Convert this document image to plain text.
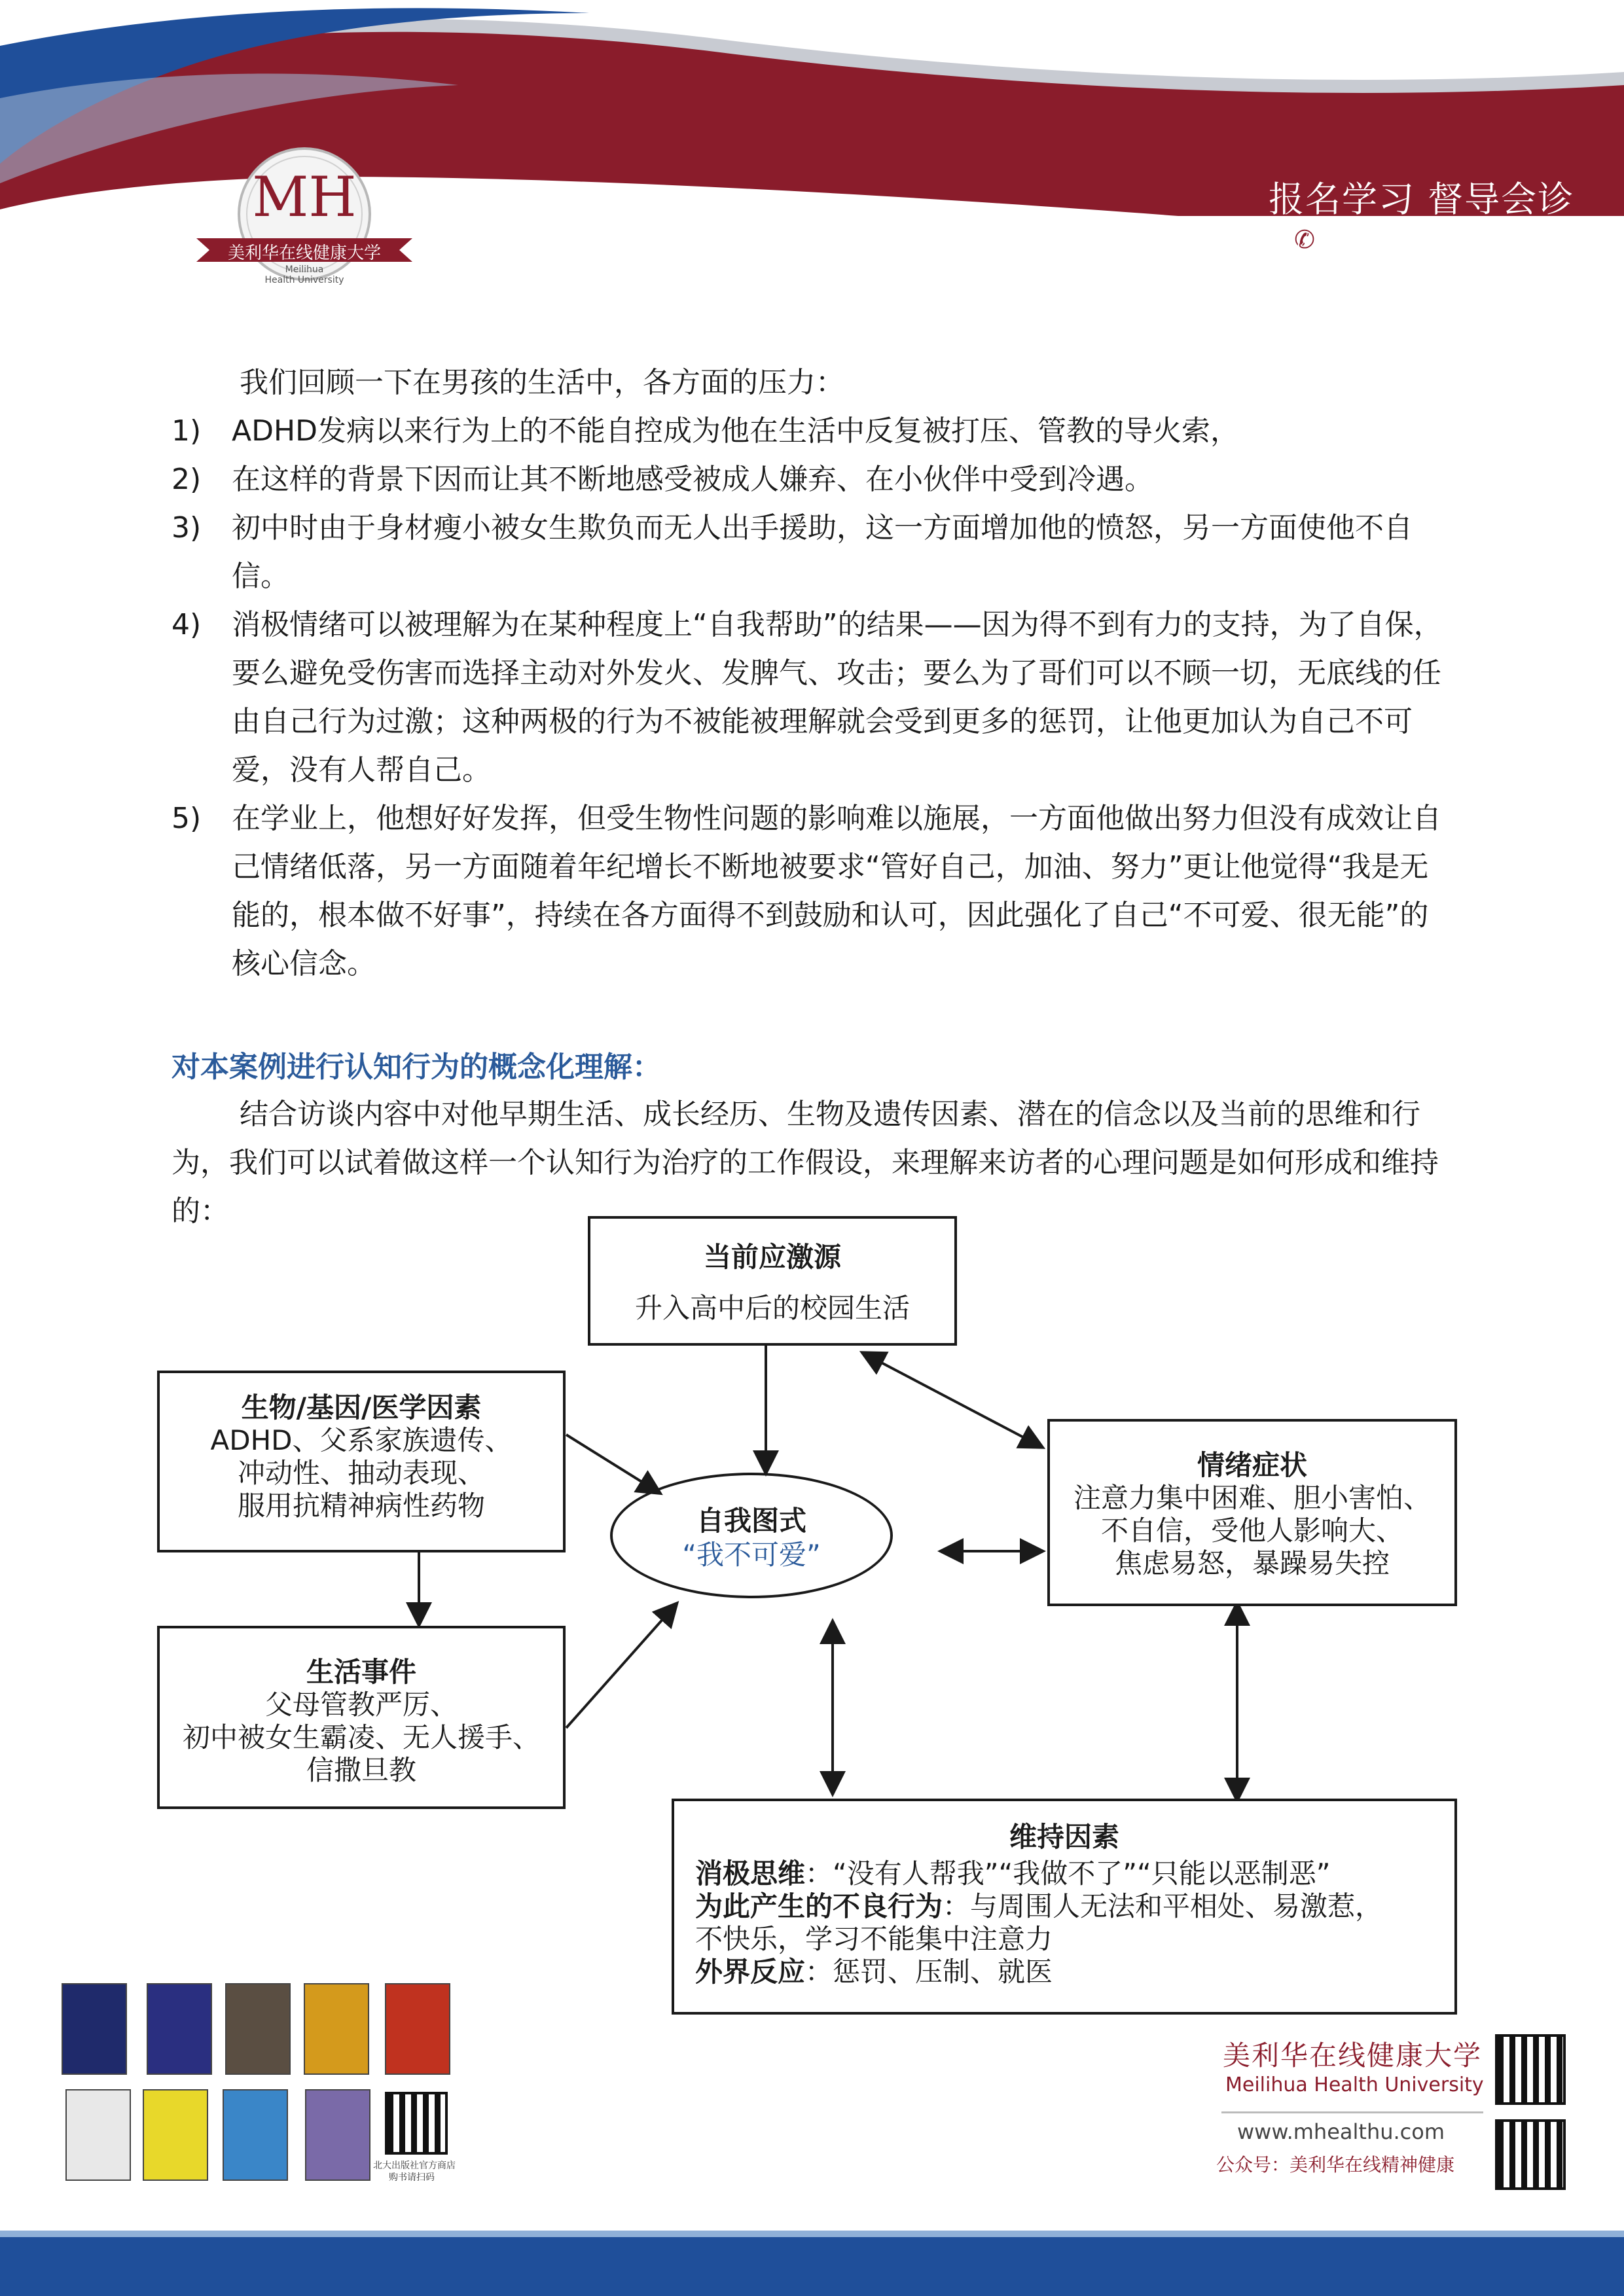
报名学习 督导会诊
✆ 4000-218-718
MH
美利华在线健康大学
Meilihua
Health University

我们回顾一下在男孩的生活中，各方面的压力：

1) ADHD发病以来行为上的不能自控成为他在生活中反复被打压、管教的导火索，
2) 在这样的背景下因而让其不断地感受被成人嫌弃、在小伙伴中受到冷遇。
3) 初中时由于身材瘦小被女生欺负而无人出手援助，这一方面增加他的愤怒，另一方面使他不自信。
4) 消极情绪可以被理解为在某种程度上“自我帮助”的结果——因为得不到有力的支持，为了自保，要么避免受伤害而选择主动对外发火、发脾气、攻击；要么为了哥们可以不顾一切，无底线的任由自己行为过激；这种两极的行为不被能被理解就会受到更多的惩罚，让他更加认为自己不可爱，没有人帮自己。
5) 在学业上，他想好好发挥，但受生物性问题的影响难以施展，一方面他做出努力但没有成效让自己情绪低落，另一方面随着年纪增长不断地被要求“管好自己，加油、努力”更让他觉得“我是无能的，根本做不好事”，持续在各方面得不到鼓励和认可，因此强化了自己“不可爱、很无能”的核心信念。
对本案例进行认知行为的概念化理解：

结合访谈内容中对他早期生活、成长经历、生物及遗传因素、潜在的信念以及当前的思维和行为，我们可以试着做这样一个认知行为治疗的工作假设，来理解来访者的心理问题是如何形成和维持的：

当前应激源
升入高中后的校园生活
生物/基因/医学因素
ADHD、父系家族遗传、
冲动性、抽动表现、
服用抗精神病性药物
生活事件
父母管教严厉、
初中被女生霸凌、无人援手、
信撒旦教
自我图式
“我不可爱”
情绪症状
注意力集中困难、胆小害怕、
不自信，受他人影响大、
焦虑易怒，暴躁易失控
维持因素
消极思维：“没有人帮我”“我做不了”“只能以恶制恶”
为此产生的不良行为：与周围人无法和平相处、易激惹，
不快乐，学习不能集中注意力
外界反应：惩罚、压制、就医
北大出版社官方商店
购书请扫码
美利华在线健康大学
Meilihua Health University
www.mhealthu.com
公众号：美利华在线精神健康
